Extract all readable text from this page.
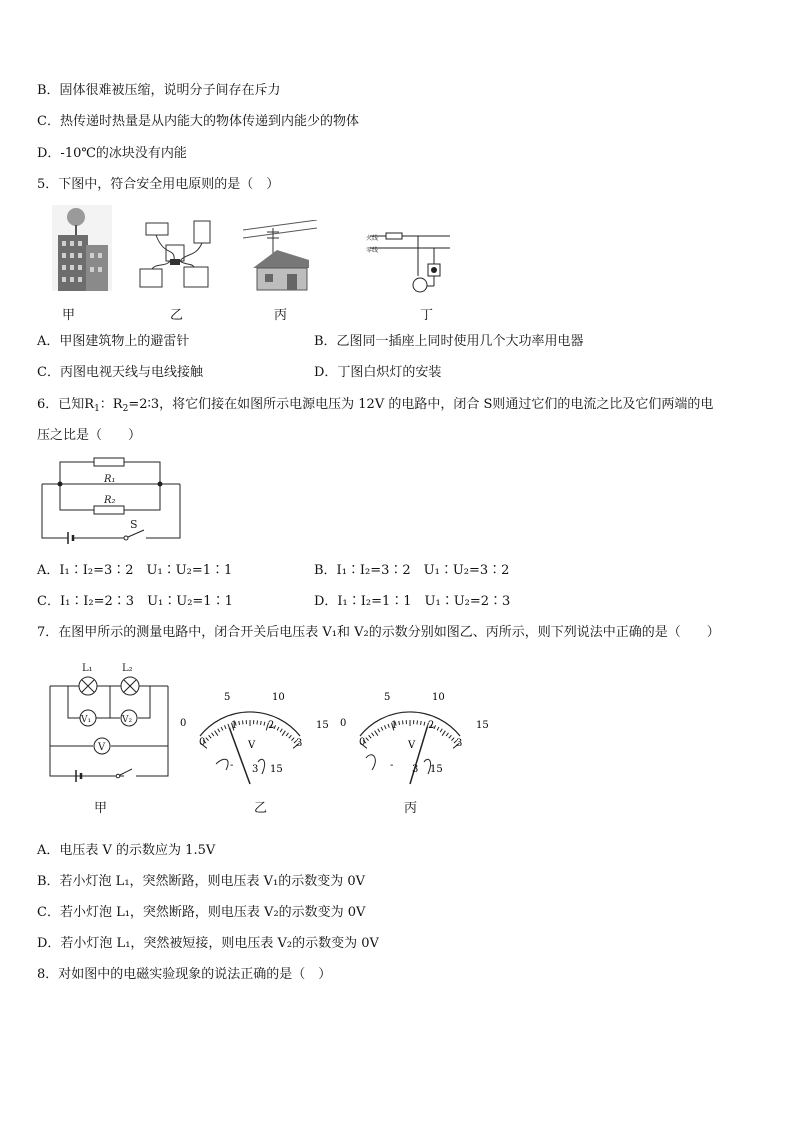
B．固体很难被压缩，说明分子间存在斥力
C．热传递时热量是从内能大的物体传递到内能少的物体
D．-10℃的冰块没有内能
5．下图中，符合安全用电原则的是（　）
火线
零线
甲	乙	丙	丁
A．甲图建筑物上的避雷针	B．乙图同一插座上同时使用几个大功率用电器
C．丙图电视天线与电线接触	D．丁图白炽灯的安装
6．已知$R_1$：$R_2=2∶3$，将它们接在如图所示电源电压为 12V 的电路中，闭合 S则通过它们的电流之比及它们两端的电
压之比是（　　）
R₁
R₂
S
A．I₁∶I₂=3∶2　U₁∶U₂=1∶1	B．I₁∶I₂=3∶2　U₁∶U₂=3∶2
C．I₁∶I₂=2∶3　U₁∶U₂=1∶1	D．I₁∶I₂=1∶1　U₁∶U₂=2∶3
7．在图甲所示的测量电路中，闭合开关后电压表 V₁和 V₂的示数分别如图乙、丙所示，则下列说法中正确的是（　　）
L₁	L₂
V₁	V₂
V
0
5	10
15
0
1	2
3
V
- 3 15
0
5	10
15
0
1	2
3
V
- 3 15
甲	乙	丙
A．电压表 V 的示数应为 1.5V
B．若小灯泡 L₁，突然断路，则电压表 V₁的示数变为 0V
C．若小灯泡 L₁，突然断路，则电压表 V₂的示数变为 0V
D．若小灯泡 L₁，突然被短接，则电压表 V₂的示数变为 0V
8．对如图中的电磁实验现象的说法正确的是（　）
